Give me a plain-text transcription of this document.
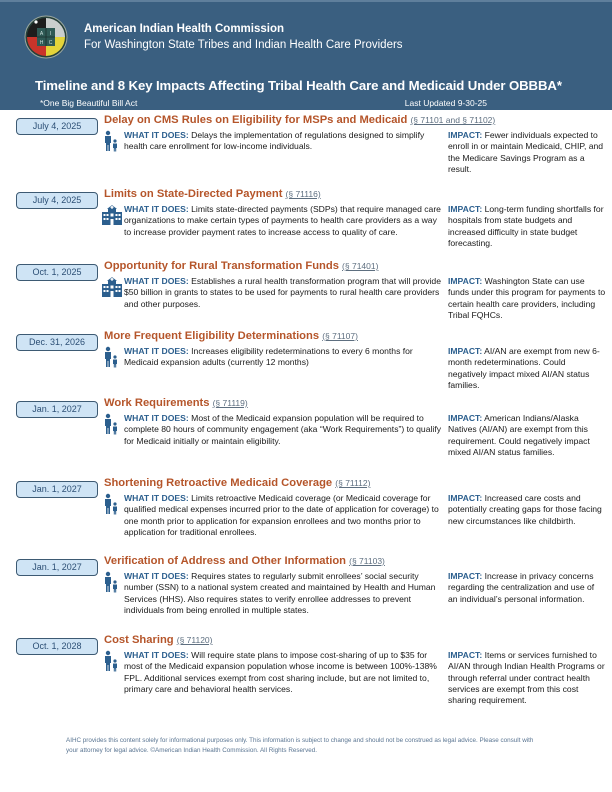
A I
H C
American Indian Health Commission
For Washington State Tribes and Indian Health Care Providers
Timeline and 8 Key Impacts Affecting Tribal Health Care and Medicaid Under OBBBA*
*One Big Beautiful Bill Act	Last Updated 9-30-25
July 4, 2025	Delay on CMS Rules on Eligibility for MSPs and Medicaid (§ 71101 and § 71102)
WHAT IT DOES: Delays the implementation of regulations designed to simplify health care enrollment for low-income individuals.
IMPACT: Fewer individuals expected to enroll in or maintain Medicaid, CHIP, and the Medicare Savings Program as a result.
July 4, 2025	Limits on State-Directed Payment (§ 71116)
WHAT IT DOES: Limits state-directed payments (SDPs) that require managed care organizations to make certain types of payments to health care providers as a way to increase provider payment rates to increase access to quality of care.
IMPACT: Long-term funding shortfalls for hospitals from state budgets and increased difficulty in state budget forecasting.
Oct. 1, 2025	Opportunity for Rural Transformation Funds (§ 71401)
WHAT IT DOES: Establishes a rural health transformation program that will provide $50 billion in grants to states to be used for payments to rural health care providers and other purposes.
IMPACT: Washington State can use funds under this program for payments to certain health care providers, including Tribal FQHCs.
Dec. 31, 2026	More Frequent Eligibility Determinations (§ 71107)
WHAT IT DOES: Increases eligibility redeterminations to every 6 months for Medicaid expansion adults (currently 12 months)
IMPACT: AI/AN are exempt from new 6-month redeterminations. Could negatively impact mixed AI/AN status families.
Jan. 1, 2027	Work Requirements (§ 71119)
WHAT IT DOES: Most of the Medicaid expansion population will be required to complete 80 hours of community engagement (aka “Work Requirements”) to qualify for Medicaid initially or maintain eligibility.
IMPACT: American Indians/Alaska Natives (AI/AN) are exempt from this requirement. Could negatively impact mixed AI/AN status families.
Jan. 1, 2027	Shortening Retroactive Medicaid Coverage (§ 71112)
WHAT IT DOES: Limits retroactive Medicaid coverage (or Medicaid coverage for qualified medical expenses incurred prior to the date of application for coverage) to one month prior to application for expansion enrollees and two months prior to application for traditional enrollees.
IMPACT: Increased care costs and potentially creating gaps for those facing new circumstances like childbirth.
Jan. 1, 2027	Verification of Address and Other Information (§ 71103)
WHAT IT DOES: Requires states to regularly submit enrollees’ social security number (SSN) to a national system created and maintained by Health and Human Services (HHS). Also requires states to verify enrollee addresses to prevent individuals from being enrolled in multiple states.
IMPACT: Increase in privacy concerns regarding the centralization and use of an individual’s personal information.
Oct. 1, 2028	Cost Sharing (§ 71120)
WHAT IT DOES: Will require state plans to impose cost-sharing of up to $35 for most of the Medicaid expansion population whose income is between 100%-138% FPL. Additional services exempt from cost sharing include, but are not limited to, primary care and behavioral health services.
IMPACT: Items or services furnished to AI/AN through Indian Health Programs or through referral under contract health services are exempt from this cost sharing requirement.
AIHC provides this content solely for informational purposes only. This information is subject to change and should not be construed as legal advice. Please consult with your attorney for legal advice. ©American Indian Health Commission. All Rights Reserved.
